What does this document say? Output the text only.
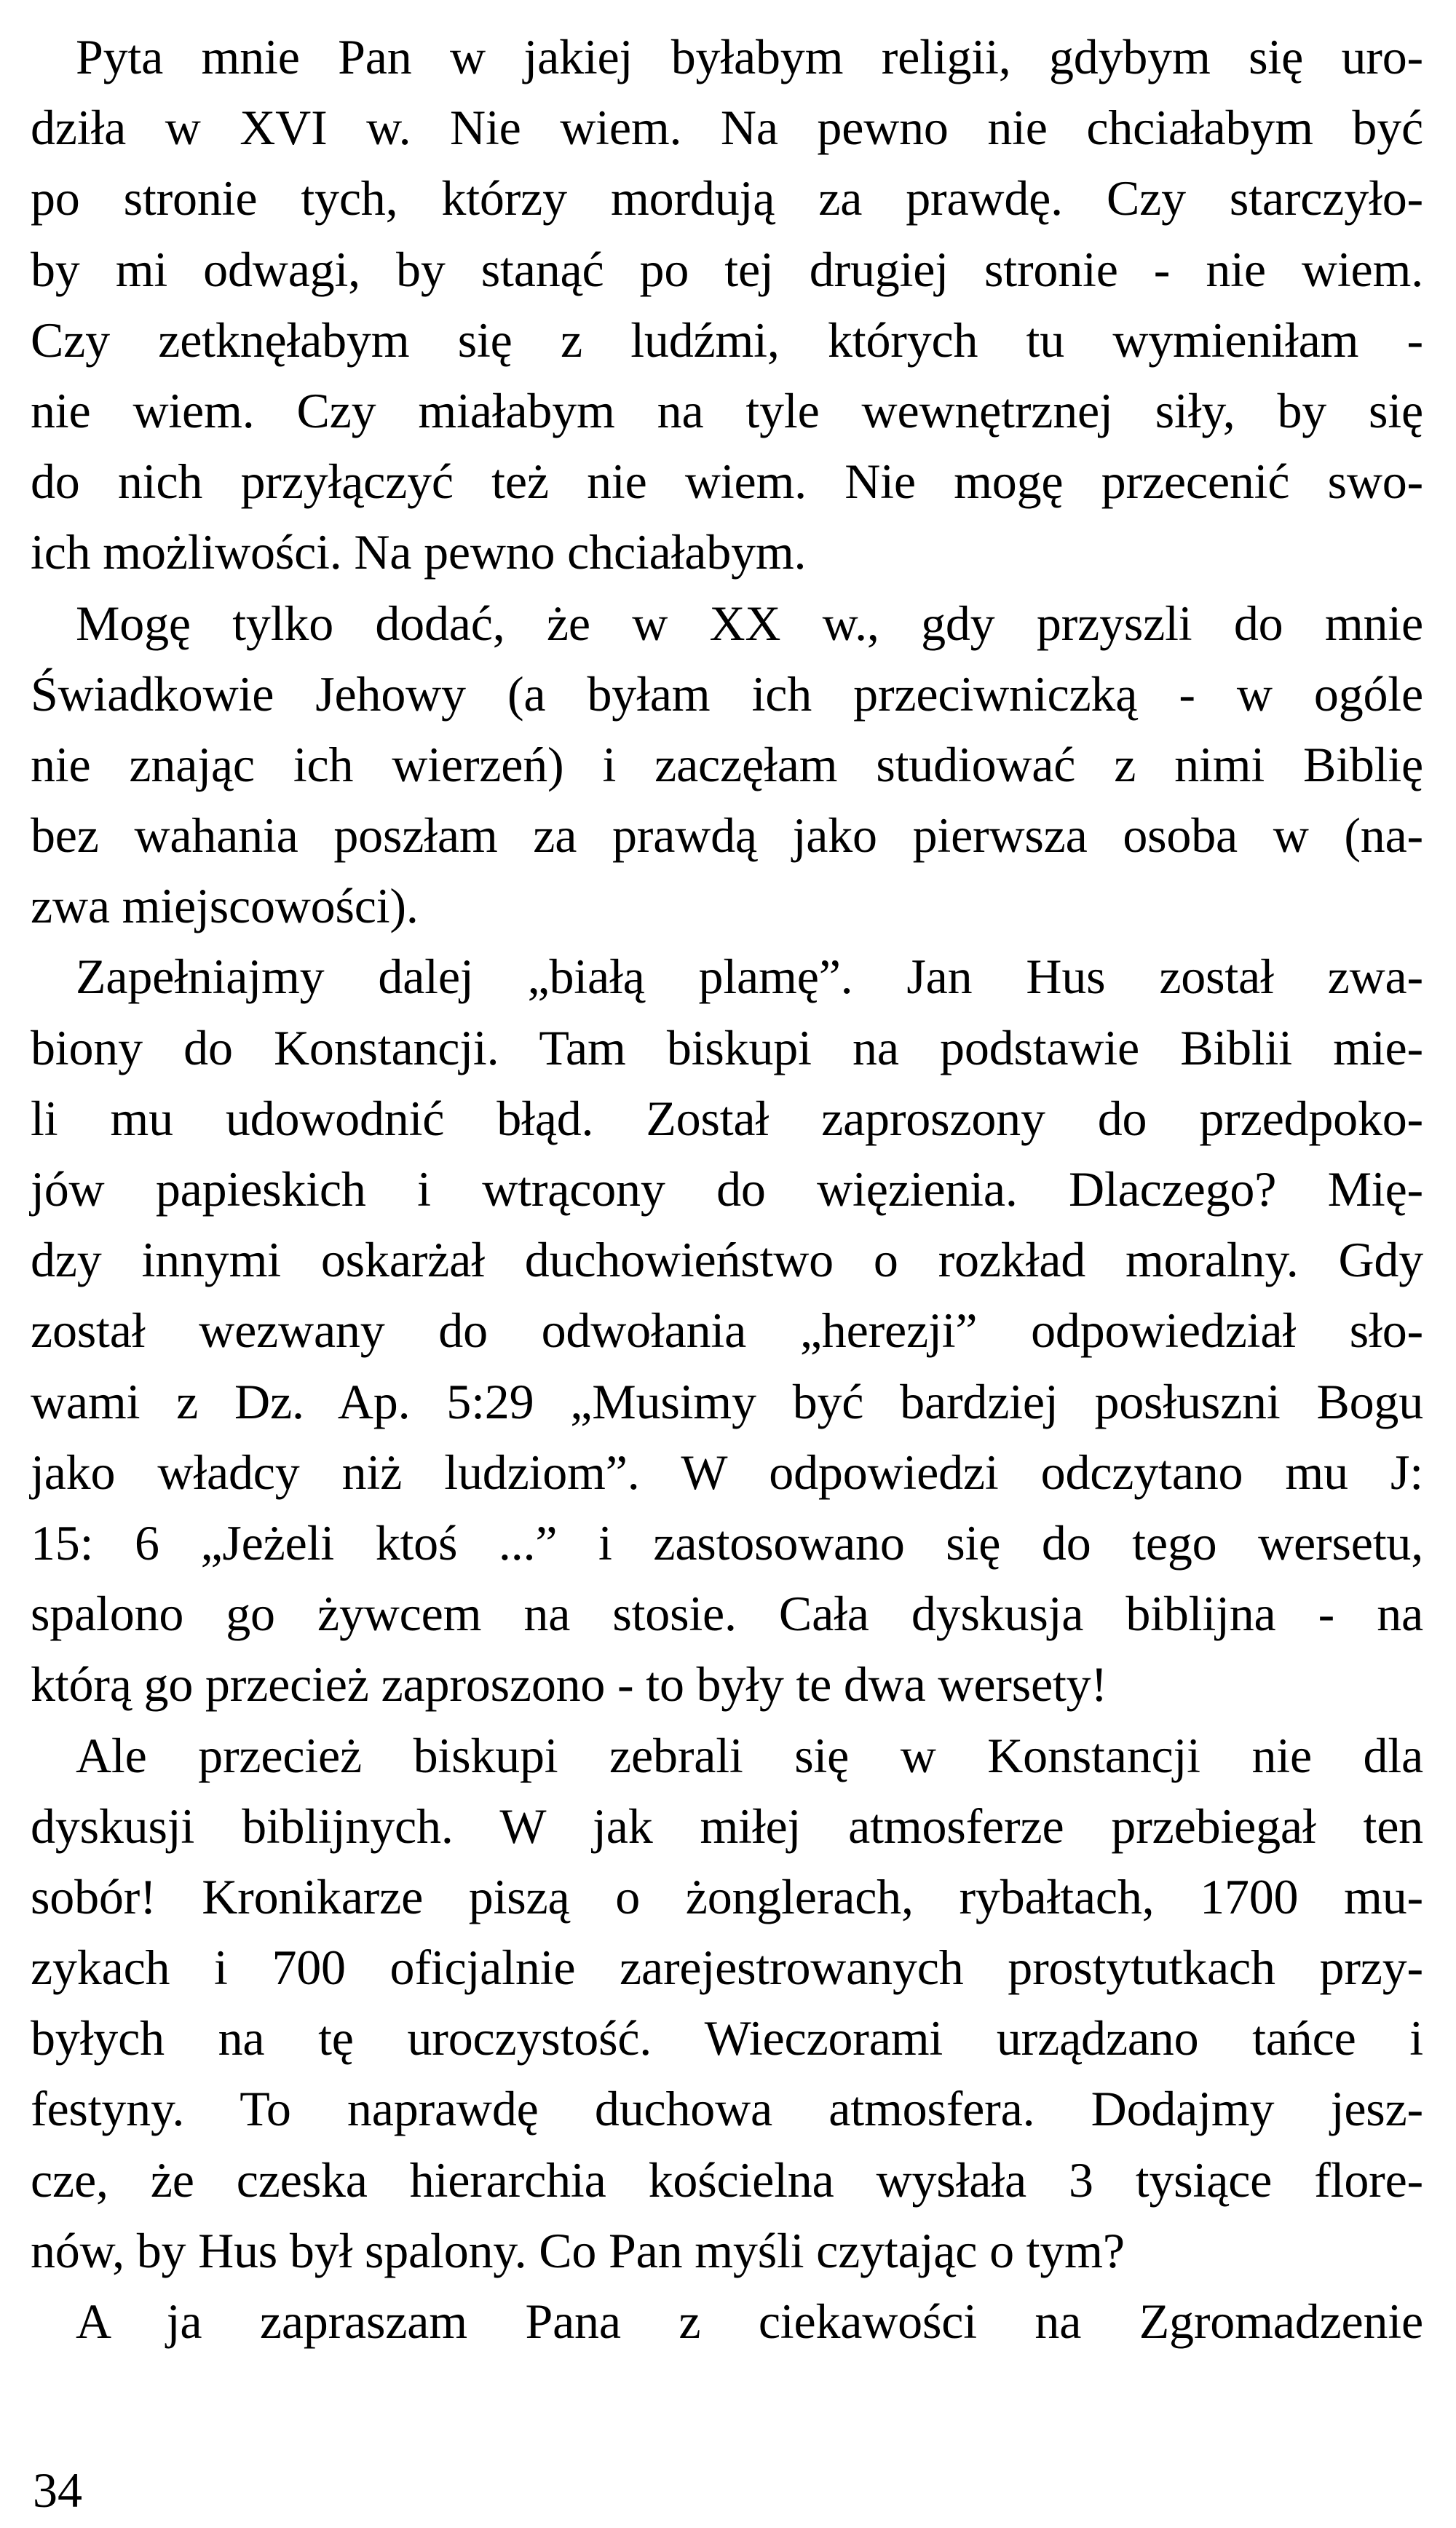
Pyta mnie Pan w jakiej byłabym religii, gdybym się uro-
dziła w XVI w. Nie wiem. Na pewno nie chciałabym być
po stronie tych, którzy mordują za prawdę. Czy starczyło-
by mi odwagi, by stanąć po tej drugiej stronie - nie wiem.
Czy zetknęłabym się z ludźmi, których tu wymieniłam -
nie wiem. Czy miałabym na tyle wewnętrznej siły, by się
do nich przyłączyć też nie wiem. Nie mogę przecenić swo-
ich możliwości. Na pewno chciałabym.
Mogę tylko dodać, że w XX w., gdy przyszli do mnie
Świadkowie Jehowy (a byłam ich przeciwniczką - w ogóle
nie znając ich wierzeń) i zaczęłam studiować z nimi Biblię
bez wahania poszłam za prawdą jako pierwsza osoba w (na-
zwa miejscowości).
Zapełniajmy dalej „białą plamę”. Jan Hus został zwa-
biony do Konstancji. Tam biskupi na podstawie Biblii mie-
li mu udowodnić błąd. Został zaproszony do przedpoko-
jów papieskich i wtrącony do więzienia. Dlaczego? Mię-
dzy innymi oskarżał duchowieństwo o rozkład moralny. Gdy
został wezwany do odwołania „herezji” odpowiedział sło-
wami z Dz. Ap. 5:29 „Musimy być bardziej posłuszni Bogu
jako władcy niż ludziom”. W odpowiedzi odczytano mu J:
15: 6 „Jeżeli ktoś ...” i zastosowano się do tego wersetu,
spalono go żywcem na stosie. Cała dyskusja biblijna - na
którą go przecież zaproszono - to były te dwa wersety!
Ale przecież biskupi zebrali się w Konstancji nie dla
dyskusji biblijnych. W jak miłej atmosferze przebiegał ten
sobór! Kronikarze piszą o żonglerach, rybałtach, 1700 mu-
zykach i 700 oficjalnie zarejestrowanych prostytutkach przy-
byłych na tę uroczystość. Wieczorami urządzano tańce i
festyny. To naprawdę duchowa atmosfera. Dodajmy jesz-
cze, że czeska hierarchia kościelna wysłała 3 tysiące flore-
nów, by Hus był spalony. Co Pan myśli czytając o tym?
A ja zapraszam Pana z ciekawości na Zgromadzenie
34
